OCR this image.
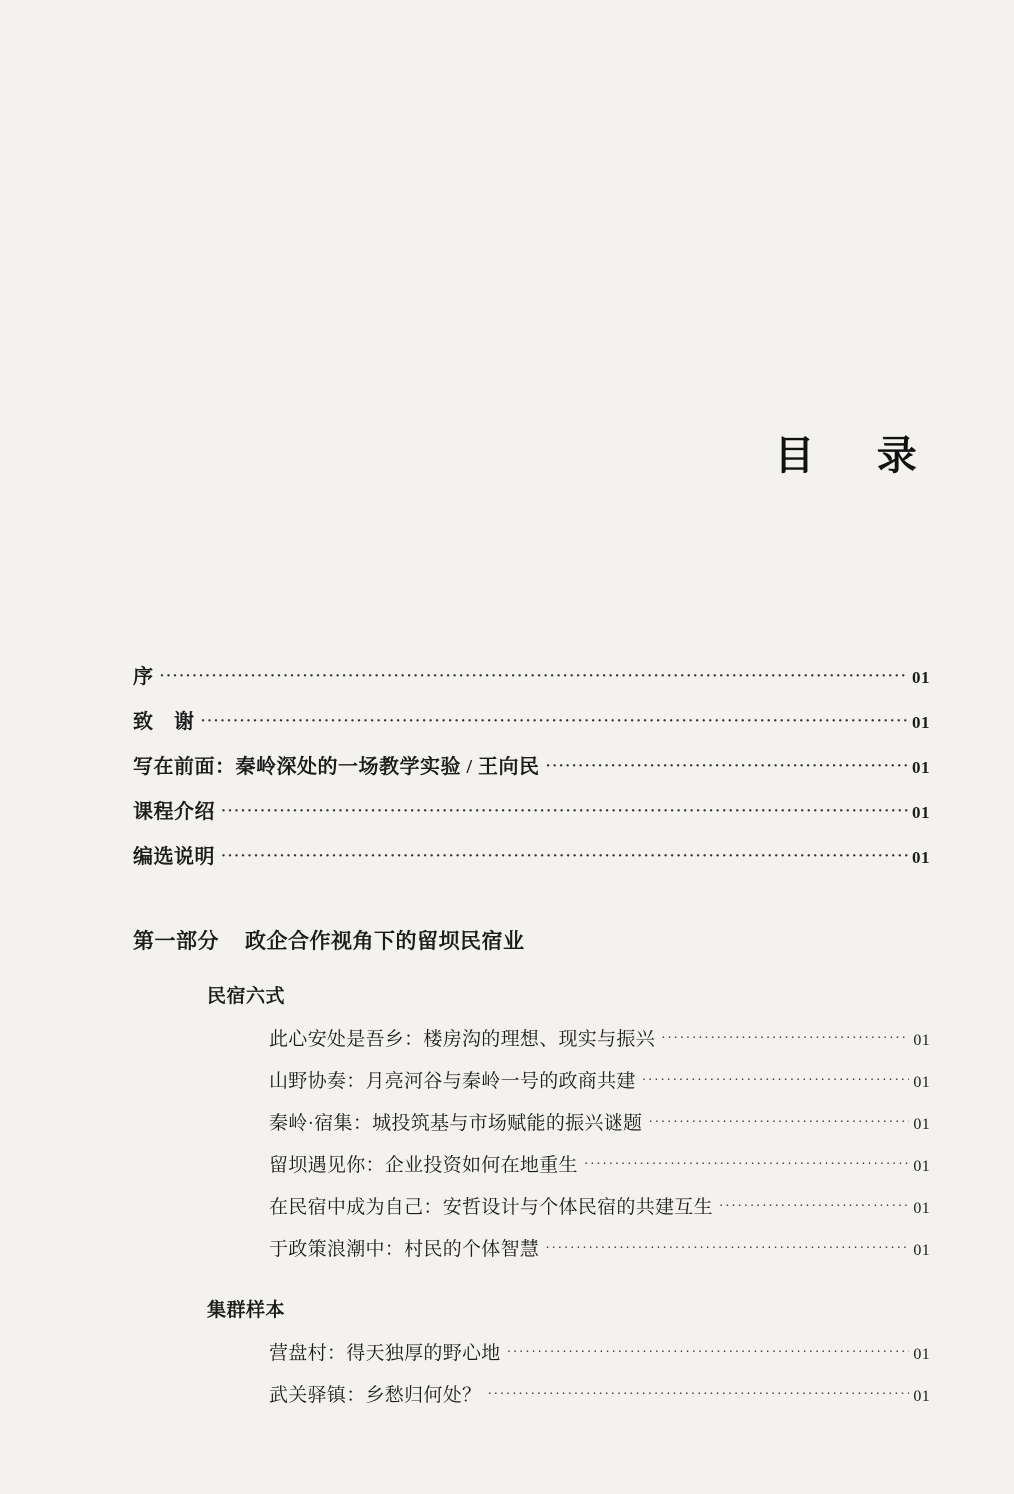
目　录
序 ·····	01
致　谢 ·····	01
写在前面：秦岭深处的一场教学实验 / 王向民 ·····	01
课程介绍 ·····	01
编选说明 ·····	01
第一部分 政企合作视角下的留坝民宿业
民宿六式
此心安处是吾乡：楼房沟的理想、现实与振兴 ·····	01
山野协奏：月亮河谷与秦岭一号的政商共建 ·····	01
秦岭·宿集：城投筑基与市场赋能的振兴谜题 ·····	01
留坝遇见你：企业投资如何在地重生 ·····	01
在民宿中成为自己：安哲设计与个体民宿的共建互生 ·····	01
于政策浪潮中：村民的个体智慧 ·····	01
集群样本
营盘村：得天独厚的野心地 ·····	01
武关驿镇：乡愁归何处？ ·····	01
